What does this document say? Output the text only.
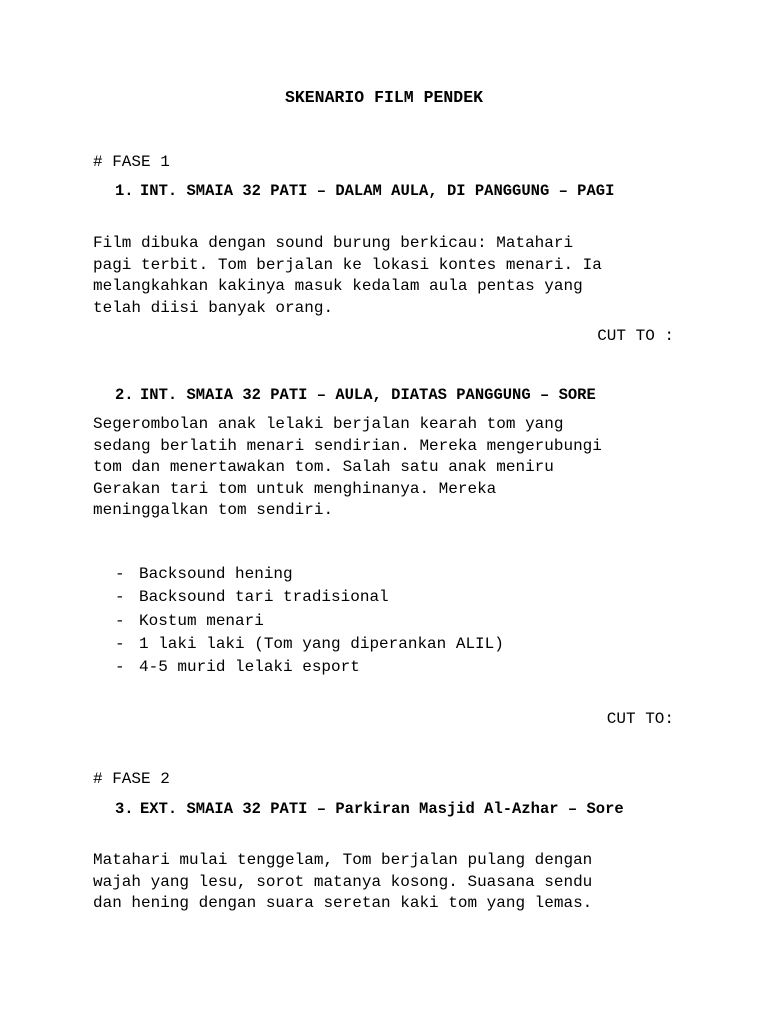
SKENARIO FILM PENDEK
# FASE 1
1. INT. SMAIA 32 PATI – DALAM AULA, DI PANGGUNG – PAGI
Film dibuka dengan sound burung berkicau: Matahari
pagi terbit. Tom berjalan ke lokasi kontes menari. Ia
melangkahkan kakinya masuk kedalam aula pentas yang
telah diisi banyak orang.
CUT TO :
2. INT. SMAIA 32 PATI – AULA, DIATAS PANGGUNG – SORE
Segerombolan anak lelaki berjalan kearah tom yang
sedang berlatih menari sendirian. Mereka mengerubungi
tom dan menertawakan tom. Salah satu anak meniru
Gerakan tari tom untuk menghinanya. Mereka
meninggalkan tom sendiri.
- Backsound hening
- Backsound tari tradisional
- Kostum menari
- 1 laki laki (Tom yang diperankan ALIL)
- 4-5 murid lelaki esport
CUT TO:
# FASE 2
3. EXT. SMAIA 32 PATI – Parkiran Masjid Al-Azhar – Sore
Matahari mulai tenggelam, Tom berjalan pulang dengan
wajah yang lesu, sorot matanya kosong. Suasana sendu
dan hening dengan suara seretan kaki tom yang lemas.
